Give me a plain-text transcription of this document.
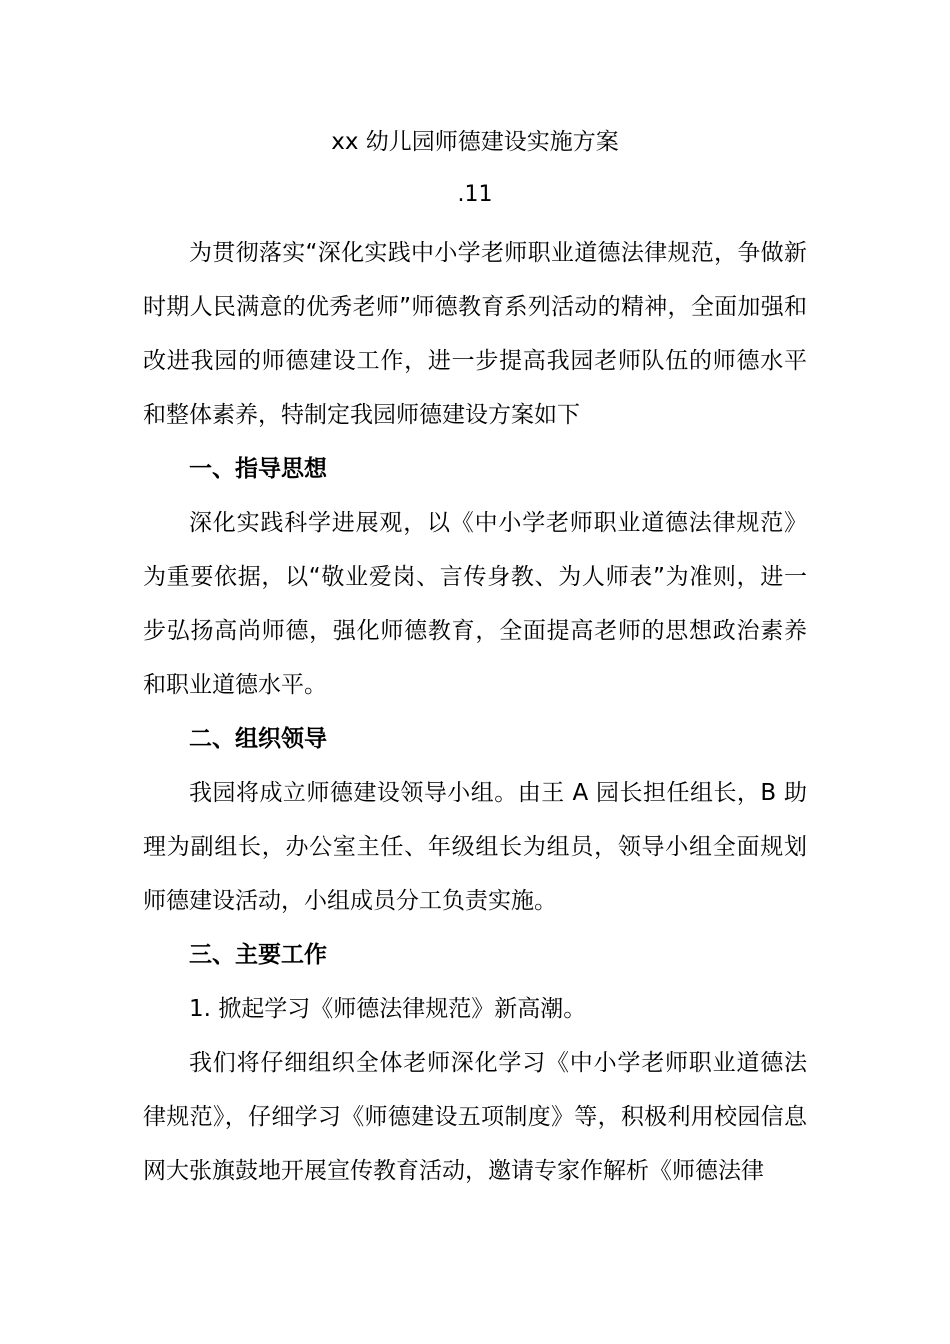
xx 幼儿园师德建设实施方案

.11

为贯彻落实“深化实践中小学老师职业道德法律规范，争做新时期人民满意的优秀老师”师德教育系列活动的精神，全面加强和改进我园的师德建设工作，进一步提高我园老师队伍的师德水平和整体素养，特制定我园师德建设方案如下

一、指导思想

深化实践科学进展观，以《中小学老师职业道德法律规范》为重要依据，以“敬业爱岗、言传身教、为人师表”为准则，进一步弘扬高尚师德，强化师德教育，全面提高老师的思想政治素养和职业道德水平。

二、组织领导

我园将成立师德建设领导小组。由王 A 园长担任组长，B 助理为副组长，办公室主任、年级组长为组员，领导小组全面规划师德建设活动，小组成员分工负责实施。

三、主要工作

1. 掀起学习《师德法律规范》新高潮。

我们将仔细组织全体老师深化学习《中小学老师职业道德法律规范》，仔细学习《师德建设五项制度》等，积极利用校园信息网大张旗鼓地开展宣传教育活动，邀请专家作解析《师德法律
